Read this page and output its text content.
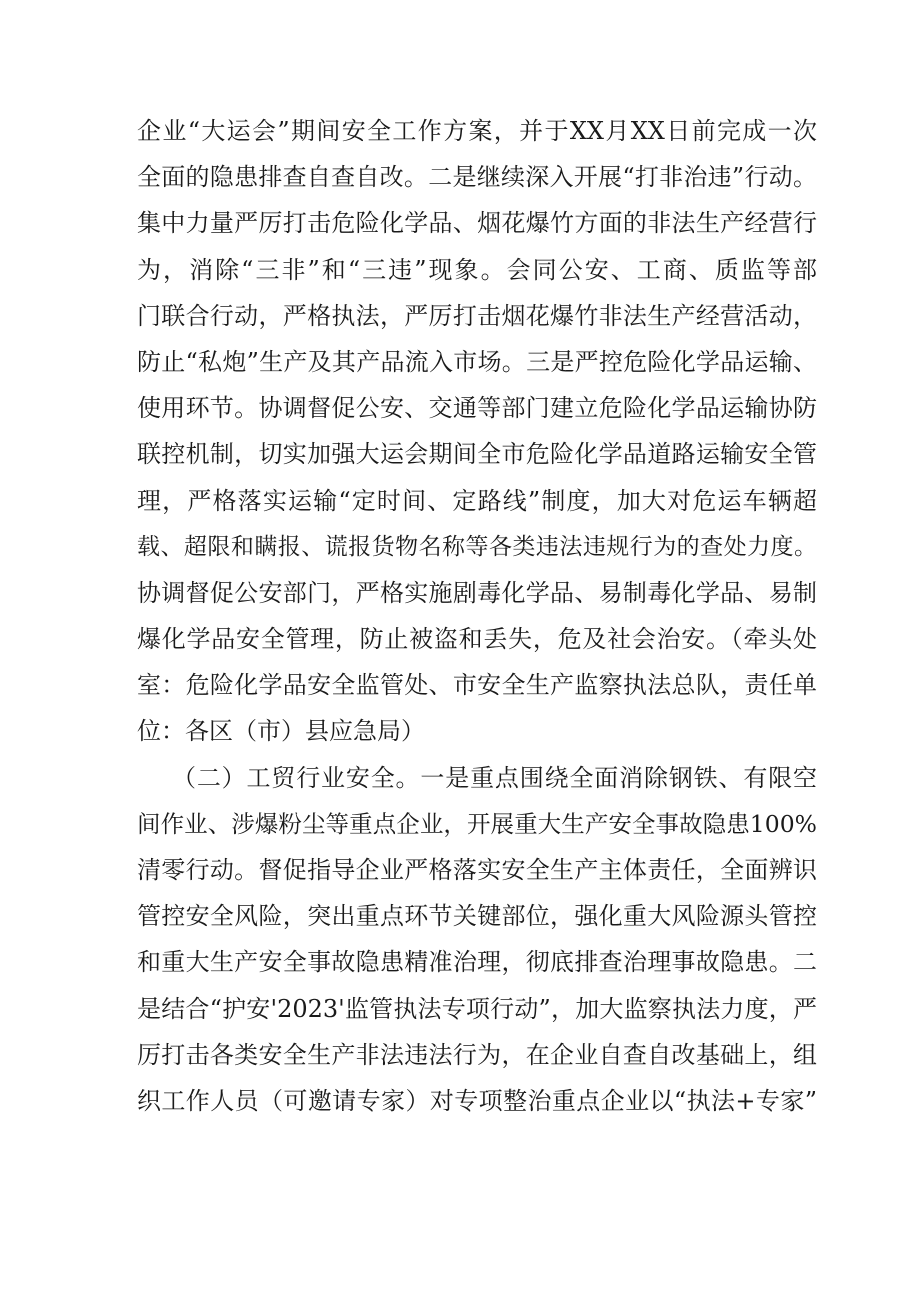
企业“大运会”期间安全工作方案，并于XX月XX日前完成一次
全面的隐患排查自查自改。二是继续深入开展“打非治违”行动。
集中力量严厉打击危险化学品、烟花爆竹方面的非法生产经营行
为，消除“三非”和“三违”现象。会同公安、工商、质监等部
门联合行动，严格执法，严厉打击烟花爆竹非法生产经营活动，
防止“私炮”生产及其产品流入市场。三是严控危险化学品运输、
使用环节。协调督促公安、交通等部门建立危险化学品运输协防
联控机制，切实加强大运会期间全市危险化学品道路运输安全管
理，严格落实运输“定时间、定路线”制度，加大对危运车辆超
载、超限和瞒报、谎报货物名称等各类违法违规行为的查处力度。
协调督促公安部门，严格实施剧毒化学品、易制毒化学品、易制
爆化学品安全管理，防止被盗和丢失，危及社会治安。（牵头处
室：危险化学品安全监管处、市安全生产监察执法总队，责任单
位：各区（市）县应急局）
（二）工贸行业安全。一是重点围绕全面消除钢铁、有限空
间作业、涉爆粉尘等重点企业，开展重大生产安全事故隐患100%
清零行动。督促指导企业严格落实安全生产主体责任，全面辨识
管控安全风险，突出重点环节关键部位，强化重大风险源头管控
和重大生产安全事故隐患精准治理，彻底排查治理事故隐患。二
是结合“护安'2023'监管执法专项行动”，加大监察执法力度，严
厉打击各类安全生产非法违法行为，在企业自查自改基础上，组
织工作人员（可邀请专家）对专项整治重点企业以“执法+专家”
